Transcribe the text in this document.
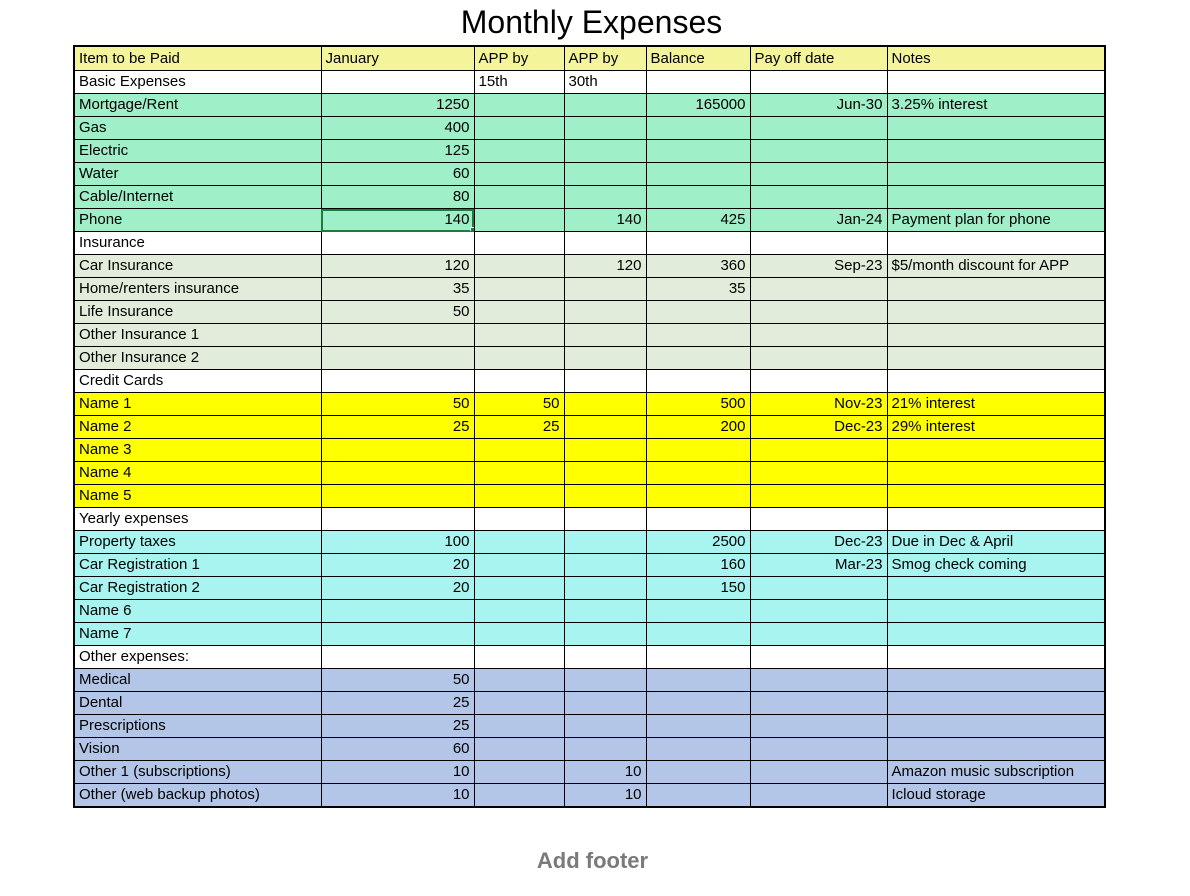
Monthly Expenses
Item to be Paid	January	APP by	APP by	Balance	Pay off date	Notes
Basic Expenses		15th	30th			
Mortgage/Rent	1250			165000	Jun-30	3.25% interest
Gas	400					
Electric	125					
Water	60					
Cable/Internet	80					
Phone	140		140	425	Jan-24	Payment plan for phone
Insurance						
Car Insurance	120		120	360	Sep-23	$5/month discount for APP
Home/renters insurance	35			35		
Life Insurance	50					
Other Insurance 1						
Other Insurance 2						
Credit Cards						
Name 1	50	50		500	Nov-23	21% interest
Name 2	25	25		200	Dec-23	29% interest
Name 3						
Name 4						
Name 5						
Yearly expenses						
Property taxes	100			2500	Dec-23	Due in Dec & April
Car Registration 1	20			160	Mar-23	Smog check coming
Car Registration 2	20			150		
Name 6						
Name 7						
Other expenses:						
Medical	50					
Dental	25					
Prescriptions	25					
Vision	60					
Other 1 (subscriptions)	10		10			Amazon music subscription
Other (web backup photos)	10		10			Icloud storage
Add footer
